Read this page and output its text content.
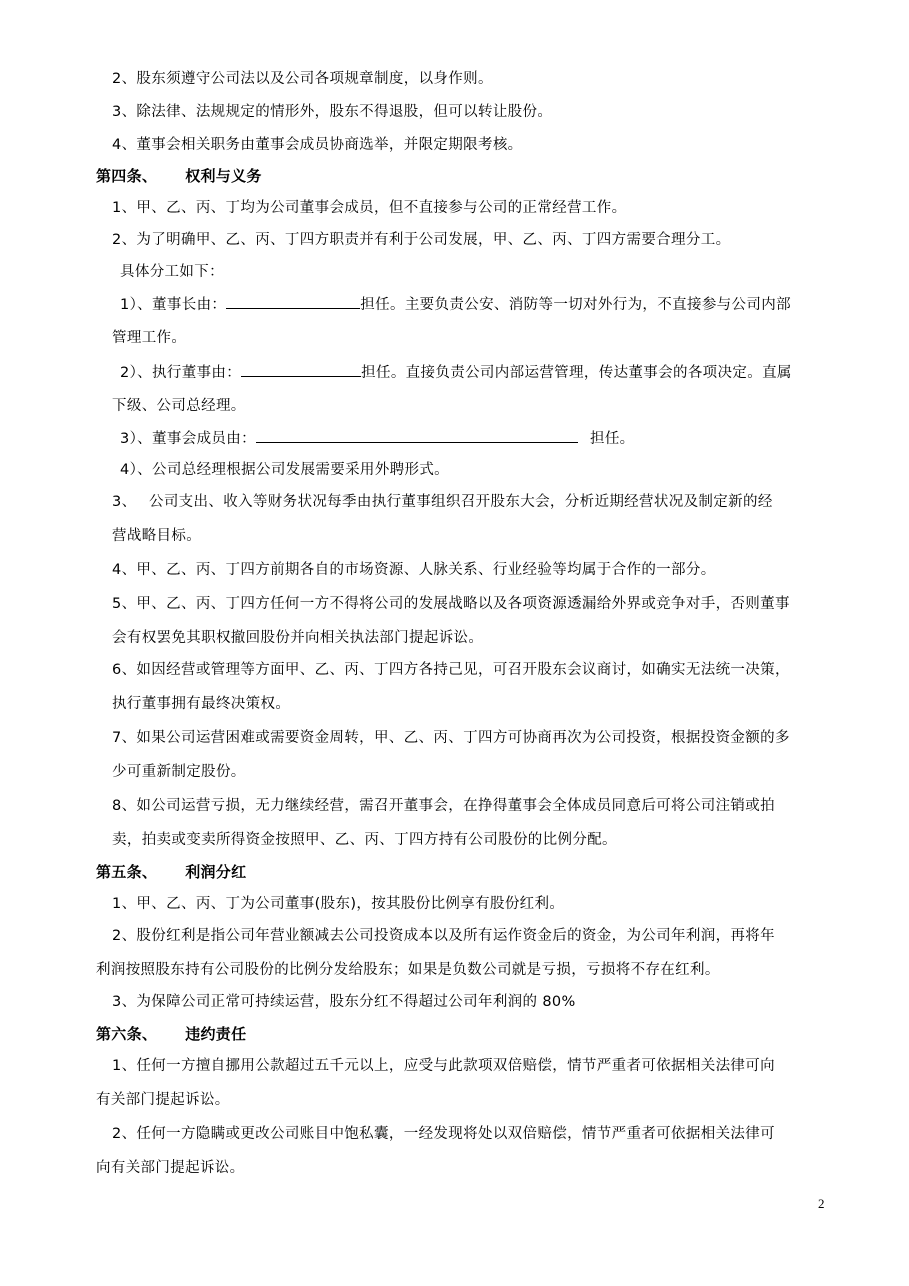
2、股东须遵守公司法以及公司各项规章制度，以身作则。
3、除法律、法规规定的情形外，股东不得退股，但可以转让股份。
4、董事会相关职务由董事会成员协商选举，并限定期限考核。
第四条、 权利与义务
1、甲、乙、丙、丁均为公司董事会成员，但不直接参与公司的正常经营工作。
2、为了明确甲、乙、丙、丁四方职责并有利于公司发展，甲、乙、丙、丁四方需要合理分工。
具体分工如下：
1）、董事长由：	担任。主要负责公安、消防等一切对外行为，不直接参与公司内部
管理工作。
2）、执行董事由：	担任。直接负责公司内部运营管理，传达董事会的各项决定。直属
下级、公司总经理。
3）、董事会成员由：	担任。
4）、公司总经理根据公司发展需要采用外聘形式。
3、　 公司支出、收入等财务状况每季由执行董事组织召开股东大会，分析近期经营状况及制定新的经
营战略目标。
4、甲、乙、丙、丁四方前期各自的市场资源、人脉关系、行业经验等均属于合作的一部分。
5、甲、乙、丙、丁四方任何一方不得将公司的发展战略以及各项资源透漏给外界或竞争对手，否则董事
会有权罢免其职权撤回股份并向相关执法部门提起诉讼。
6、如因经营或管理等方面甲、乙、丙、丁四方各持己见，可召开股东会议商讨，如确实无法统一决策，
执行董事拥有最终决策权。
7、如果公司运营困难或需要资金周转，甲、乙、丙、丁四方可协商再次为公司投资，根据投资金额的多
少可重新制定股份。
8、如公司运营亏损，无力继续经营，需召开董事会，在挣得董事会全体成员同意后可将公司注销或拍
卖，拍卖或变卖所得资金按照甲、乙、丙、丁四方持有公司股份的比例分配。
第五条、 利润分红
1、甲、乙、丙、丁为公司董事(股东)，按其股份比例享有股份红利。
2、股份红利是指公司年营业额减去公司投资成本以及所有运作资金后的资金，为公司年利润，再将年
利润按照股东持有公司股份的比例分发给股东；如果是负数公司就是亏损，亏损将不存在红利。
3、为保障公司正常可持续运营，股东分红不得超过公司年利润的 80%
第六条、 违约责任
1、任何一方擅自挪用公款超过五千元以上，应受与此款项双倍赔偿，情节严重者可依据相关法律可向
有关部门提起诉讼。
2、任何一方隐瞒或更改公司账目中饱私囊，一经发现将处以双倍赔偿，情节严重者可依据相关法律可
向有关部门提起诉讼。
2
